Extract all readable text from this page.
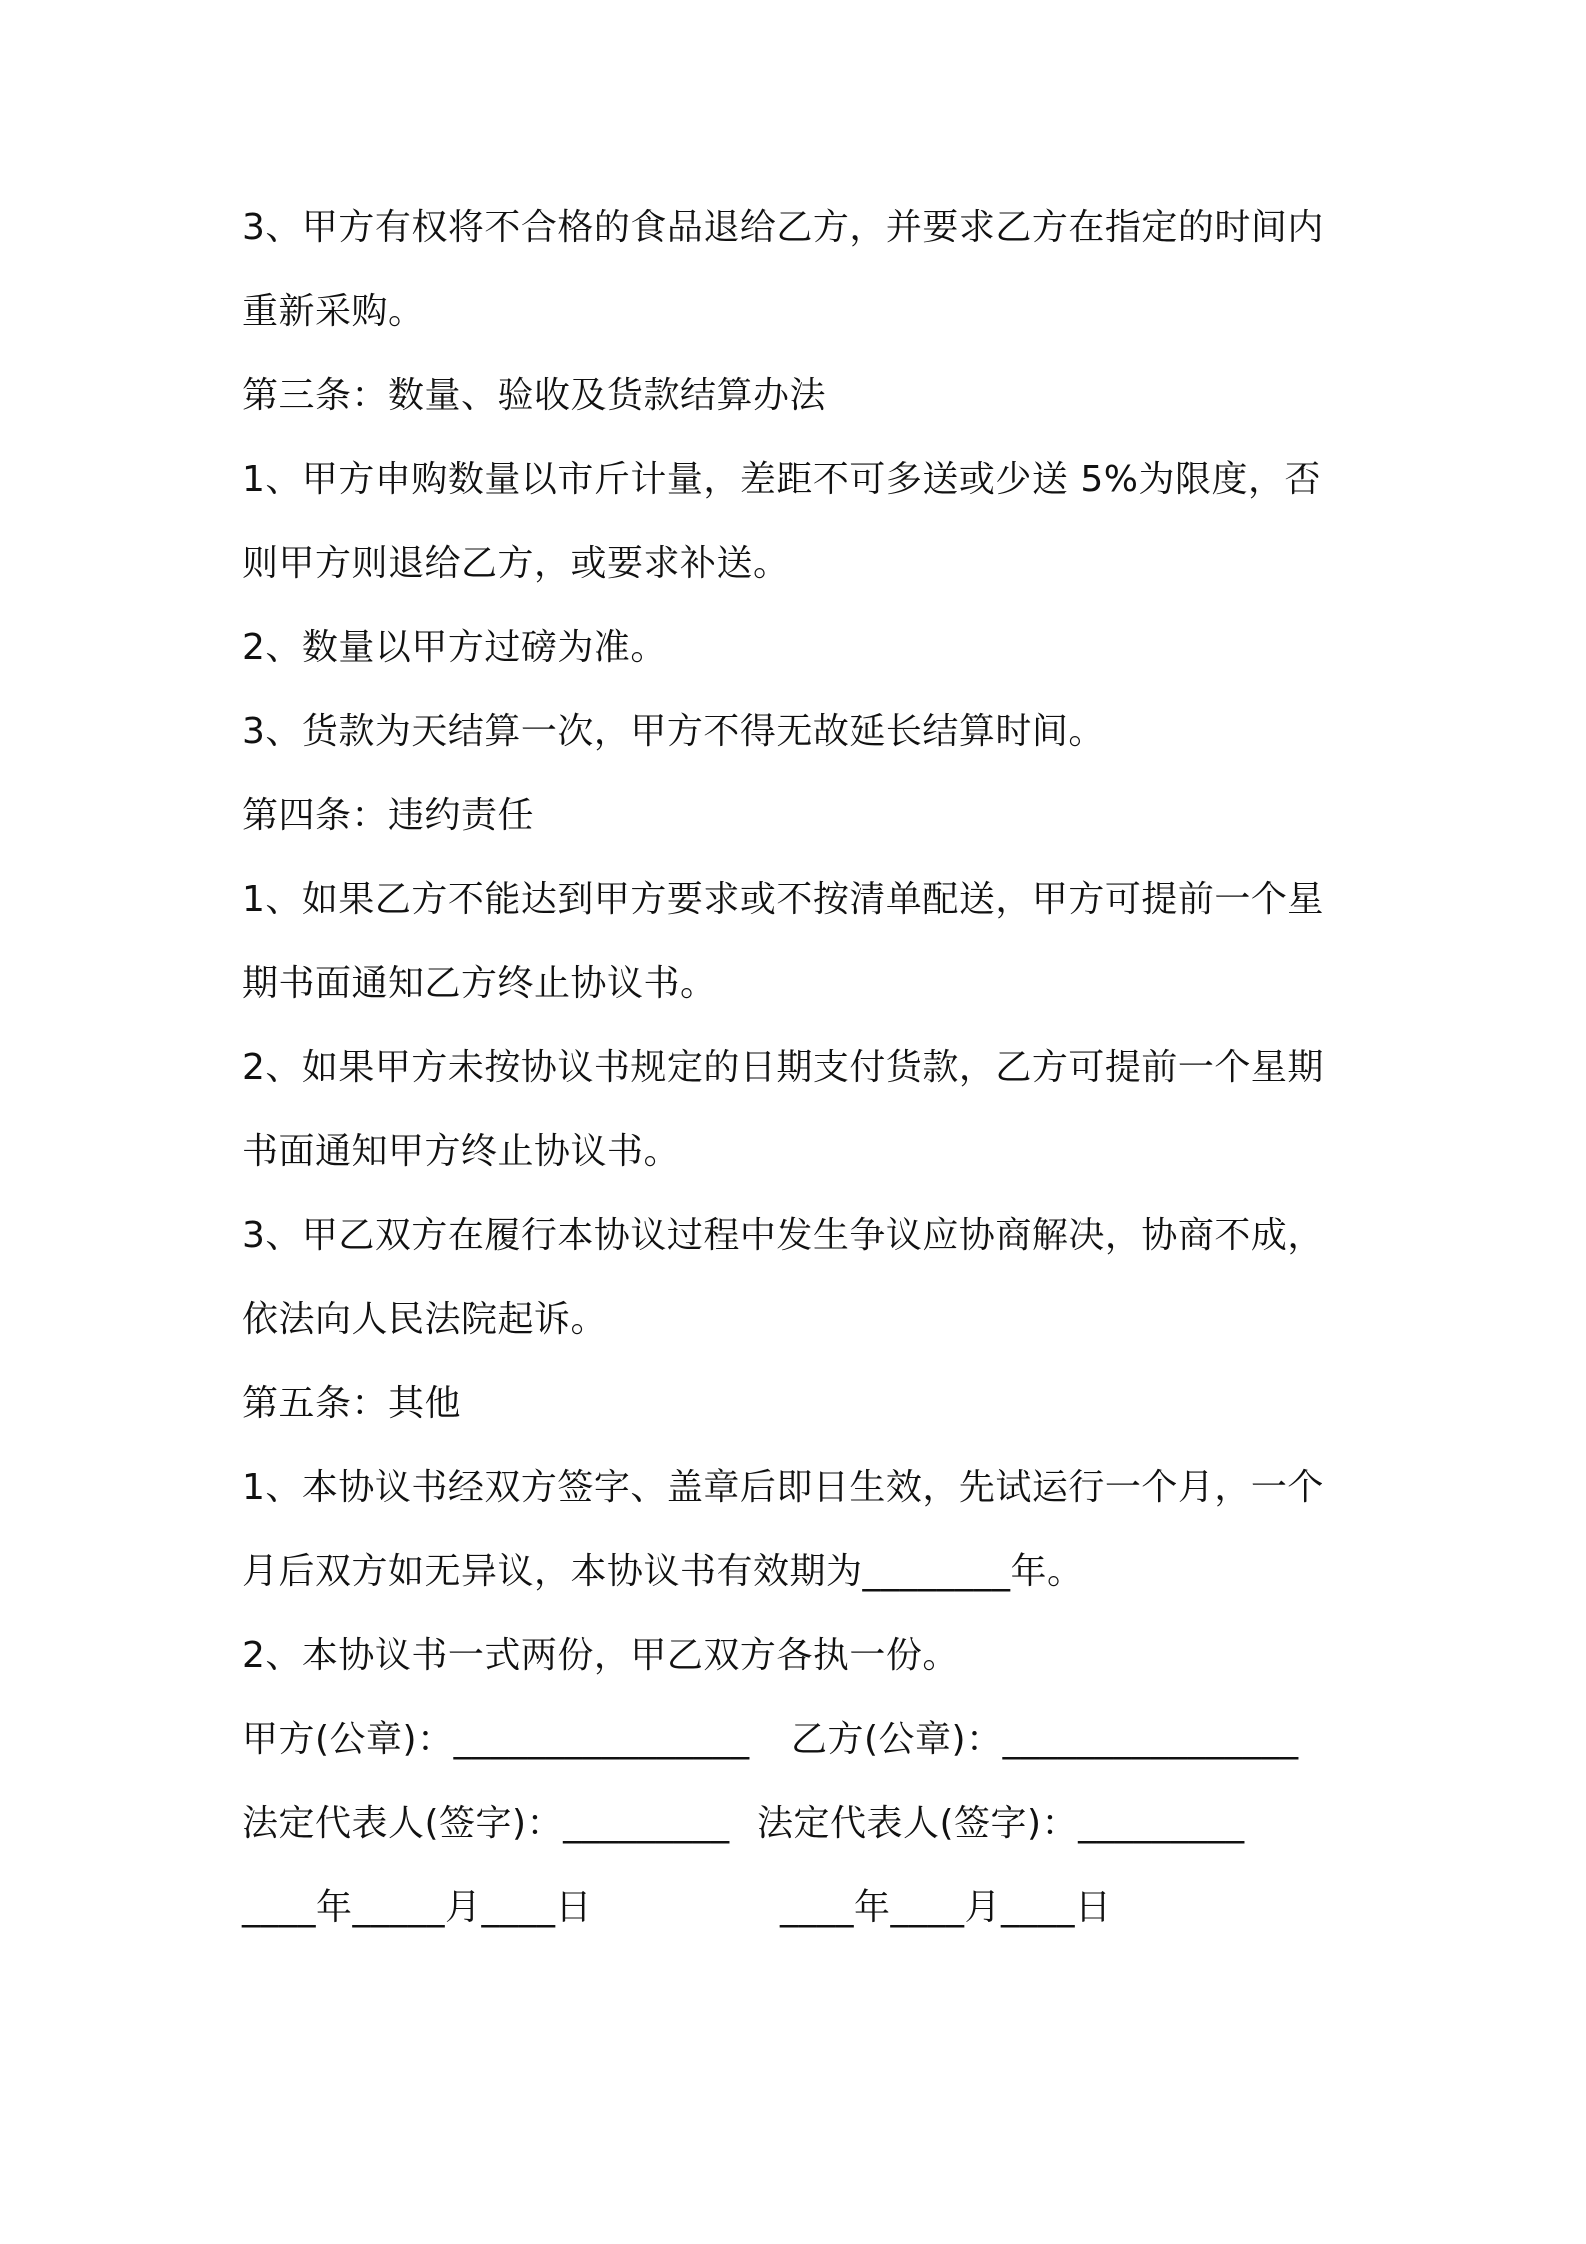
3、甲方有权将不合格的食品退给乙方，并要求乙方在指定的时间内

重新采购。

第三条：数量、验收及货款结算办法

1、甲方申购数量以市斤计量，差距不可多送或少送 5%为限度，否

则甲方则退给乙方，或要求补送。

2、数量以甲方过磅为准。

3、货款为天结算一次，甲方不得无故延长结算时间。

第四条：违约责任

1、如果乙方不能达到甲方要求或不按清单配送，甲方可提前一个星

期书面通知乙方终止协议书。

2、如果甲方未按协议书规定的日期支付货款，乙方可提前一个星期

书面通知甲方终止协议书。

3、甲乙双方在履行本协议过程中发生争议应协商解决，协商不成，

依法向人民法院起诉。

第五条：其他

1、本协议书经双方签字、盖章后即日生效，先试运行一个月，一个

月后双方如无异议，本协议书有效期为________年。

2、本协议书一式两份，甲乙双方各执一份。

甲方(公章)：________________ 乙方(公章)：________________

法定代表人(签字)：_________ 法定代表人(签字)：_________

____年_____月____日	____年____月____日
